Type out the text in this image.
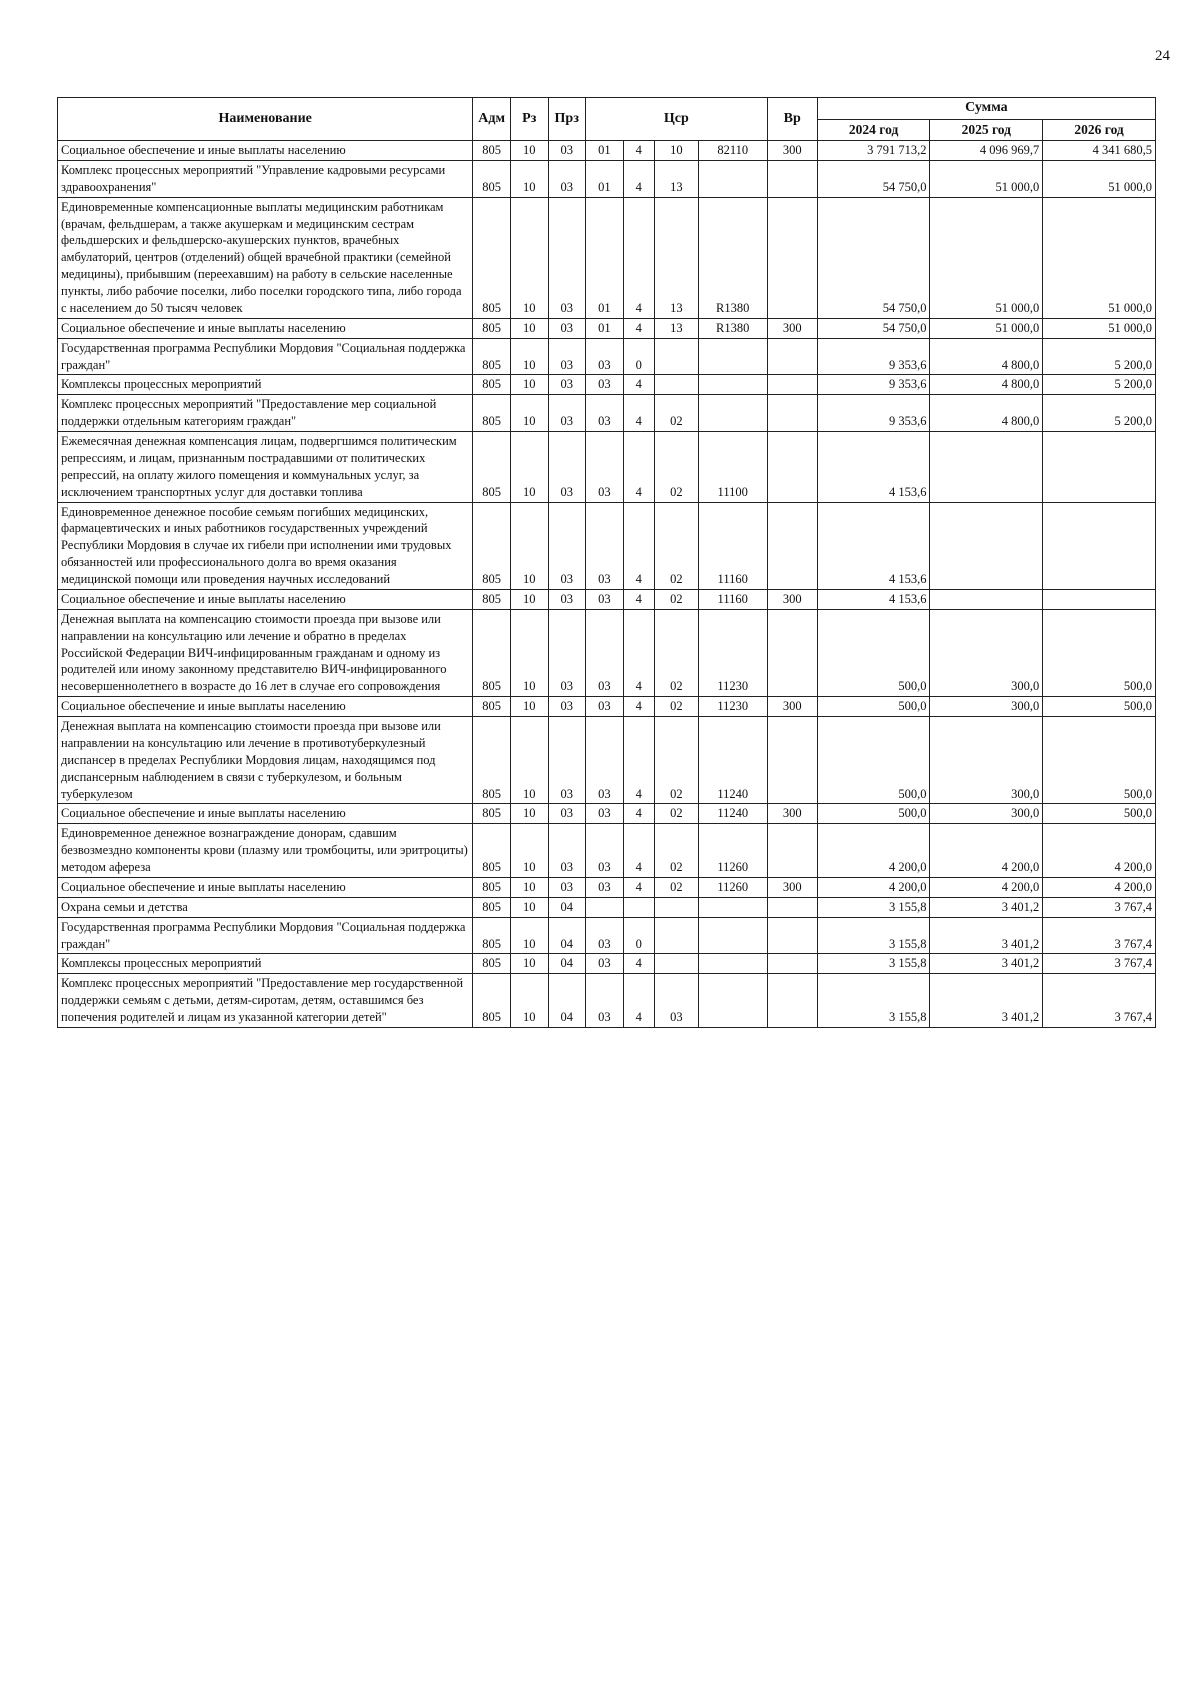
24
Наименование	Адм	Рз	Прз	Цср				Вр	Сумма		
									2024 год	2025 год	2026 год
Социальное обеспечение и иные выплаты населению	805	10	03	01	4	10	82110	300	3 791 713,2	4 096 969,7	4 341 680,5
Комплекс процессных мероприятий "Управление кадровыми ресурсами здравоохранения"	805	10	03	01	4	13			54 750,0	51 000,0	51 000,0
Единовременные компенсационные выплаты медицинским работникам (врачам, фельдшерам, а также акушеркам и медицинским сестрам фельдшерских и фельдшерско-акушерских пунктов, врачебных амбулаторий, центров (отделений) общей врачебной практики (семейной медицины), прибывшим (переехавшим) на работу в сельские населенные пункты, либо рабочие поселки, либо поселки городского типа, либо города с населением до 50 тысяч человек	805	10	03	01	4	13	R1380		54 750,0	51 000,0	51 000,0
Социальное обеспечение и иные выплаты населению	805	10	03	01	4	13	R1380	300	54 750,0	51 000,0	51 000,0
Государственная программа Республики Мордовия "Социальная поддержка граждан"	805	10	03	03	0				9 353,6	4 800,0	5 200,0
Комплексы процессных мероприятий	805	10	03	03	4				9 353,6	4 800,0	5 200,0
Комплекс процессных мероприятий "Предоставление мер социальной поддержки отдельным категориям граждан"	805	10	03	03	4	02			9 353,6	4 800,0	5 200,0
Ежемесячная денежная компенсация лицам, подвергшимся политическим репрессиям, и лицам, признанным пострадавшими от политических репрессий, на оплату жилого помещения и коммунальных услуг, за исключением транспортных услуг для доставки топлива	805	10	03	03	4	02	11100		4 153,6		
Единовременное денежное пособие семьям погибших медицинских, фармацевтических и иных работников государственных учреждений Республики Мордовия в случае их гибели при исполнении ими трудовых обязанностей или профессионального долга во время оказания медицинской помощи или проведения научных исследований	805	10	03	03	4	02	11160		4 153,6		
Социальное обеспечение и иные выплаты населению	805	10	03	03	4	02	11160	300	4 153,6		
Денежная выплата на компенсацию стоимости проезда при вызове или направлении на консультацию или лечение и обратно в пределах Российской Федерации ВИЧ-инфицированным гражданам и одному из родителей или иному законному представителю ВИЧ-инфицированного несовершеннолетнего в возрасте до 16 лет в случае его сопровождения	805	10	03	03	4	02	11230		500,0	300,0	500,0
Социальное обеспечение и иные выплаты населению	805	10	03	03	4	02	11230	300	500,0	300,0	500,0
Денежная выплата на компенсацию стоимости проезда при вызове или направлении на консультацию или лечение в противотуберкулезный диспансер в пределах Республики Мордовия лицам, находящимся под диспансерным наблюдением в связи с туберкулезом, и больным туберкулезом	805	10	03	03	4	02	11240		500,0	300,0	500,0
Социальное обеспечение и иные выплаты населению	805	10	03	03	4	02	11240	300	500,0	300,0	500,0
Единовременное денежное вознаграждение донорам, сдавшим безвозмездно компоненты крови (плазму или тромбоциты, или эритроциты) методом афереза	805	10	03	03	4	02	11260		4 200,0	4 200,0	4 200,0
Социальное обеспечение и иные выплаты населению	805	10	03	03	4	02	11260	300	4 200,0	4 200,0	4 200,0
Охрана семьи и детства	805	10	04						3 155,8	3 401,2	3 767,4
Государственная программа Республики Мордовия "Социальная поддержка граждан"	805	10	04	03	0				3 155,8	3 401,2	3 767,4
Комплексы процессных мероприятий	805	10	04	03	4				3 155,8	3 401,2	3 767,4
Комплекс процессных мероприятий "Предоставление мер государственной поддержки семьям с детьми, детям-сиротам, детям, оставшимся без попечения родителей и лицам из указанной категории детей"	805	10	04	03	4	03			3 155,8	3 401,2	3 767,4
